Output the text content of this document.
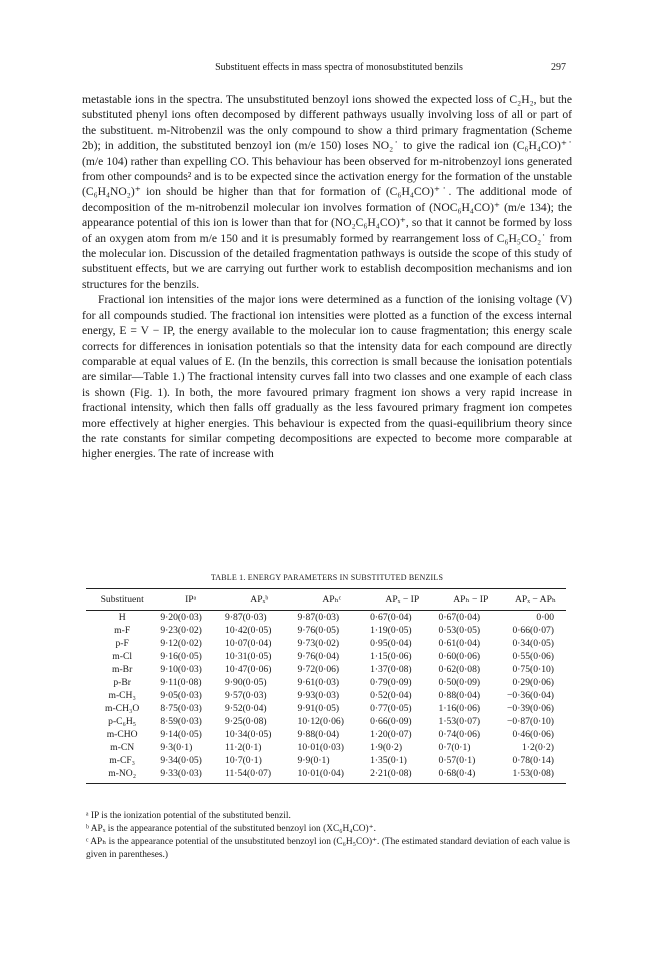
Substituent effects in mass spectra of monosubstituted benzils	297

metastable ions in the spectra. The unsubstituted benzoyl ions showed the expected loss of C₂H₂, but the substituted phenyl ions often decomposed by different pathways usually involving loss of all or part of the substituent. m-Nitrobenzil was the only compound to show a third primary fragmentation (Scheme 2b); in addition, the substituted benzoyl ion (m/e 150) loses NO₂˙ to give the radical ion (C₆H₄CO)⁺˙ (m/e 104) rather than expelling CO. This behaviour has been observed for m-nitrobenzoyl ions generated from other compounds² and is to be expected since the activation energy for the formation of the unstable (C₆H₄NO₂)⁺ ion should be higher than that for formation of (C₆H₄CO)⁺˙. The additional mode of decomposition of the m-nitrobenzil molecular ion involves formation of (NOC₆H₄CO)⁺ (m/e 134); the appearance potential of this ion is lower than that for (NO₂C₆H₄CO)⁺, so that it cannot be formed by loss of an oxygen atom from m/e 150 and it is presumably formed by rearrangement loss of C₆H₅CO₂˙ from the molecular ion. Discussion of the detailed fragmentation pathways is outside the scope of this study of substituent effects, but we are carrying out further work to establish decomposition mechanisms and ion structures for the benzils.

Fractional ion intensities of the major ions were determined as a function of the ionising voltage (V) for all compounds studied. The fractional ion intensities were plotted as a function of the excess internal energy, E = V − IP, the energy available to the molecular ion to cause fragmentation; this energy scale corrects for differences in ionisation potentials so that the intensity data for each compound are directly comparable at equal values of E. (In the benzils, this correction is small because the ionisation potentials are similar—Table 1.) The fractional intensity curves fall into two classes and one example of each class is shown (Fig. 1). In both, the more favoured primary fragment ion shows a very rapid increase in fractional intensity, which then falls off gradually as the less favoured primary fragment ion competes more effectively at higher energies. This behaviour is expected from the quasi-equilibrium theory since the rate constants for similar competing decompositions are expected to become more comparable at higher energies. The rate of increase with

TABLE 1. ENERGY PARAMETERS IN SUBSTITUTED BENZILS
Substituent	IPᵃ	APₓᵇ	APₕᶜ	APₓ − IP	APₕ − IP	APₓ − APₕ
H	9·20(0·03)	9·87(0·03)	9·87(0·03)	0·67(0·04)	0·67(0·04)	0·00
m-F	9·23(0·02)	10·42(0·05)	9·76(0·05)	1·19(0·05)	0·53(0·05)	0·66(0·07)
p-F	9·12(0·02)	10·07(0·04)	9·73(0·02)	0·95(0·04)	0·61(0·04)	0·34(0·05)
m-Cl	9·16(0·05)	10·31(0·05)	9·76(0·04)	1·15(0·06)	0·60(0·06)	0·55(0·06)
m-Br	9·10(0·03)	10·47(0·06)	9·72(0·06)	1·37(0·08)	0·62(0·08)	0·75(0·10)
p-Br	9·11(0·08)	9·90(0·05)	9·61(0·03)	0·79(0·09)	0·50(0·09)	0·29(0·06)
m-CH₃	9·05(0·03)	9·57(0·03)	9·93(0·03)	0·52(0·04)	0·88(0·04)	−0·36(0·04)
m-CH₃O	8·75(0·03)	9·52(0·04)	9·91(0·05)	0·77(0·05)	1·16(0·06)	−0·39(0·06)
p-C₆H₅	8·59(0·03)	9·25(0·08)	10·12(0·06)	0·66(0·09)	1·53(0·07)	−0·87(0·10)
m-CHO	9·14(0·05)	10·34(0·05)	9·88(0·04)	1·20(0·07)	0·74(0·06)	0·46(0·06)
m-CN	9·3(0·1)	11·2(0·1)	10·01(0·03)	1·9(0·2)	0·7(0·1)	1·2(0·2)
m-CF₃	9·34(0·05)	10·7(0·1)	9·9(0·1)	1·35(0·1)	0·57(0·1)	0·78(0·14)
m-NO₂	9·33(0·03)	11·54(0·07)	10·01(0·04)	2·21(0·08)	0·68(0·4)	1·53(0·08)
ᵃ IP is the ionization potential of the substituted benzil.
ᵇ APₓ is the appearance potential of the substituted benzoyl ion (XC₆H₄CO)⁺.
ᶜ APₕ is the appearance potential of the unsubstituted benzoyl ion (C₆H₅CO)⁺. (The estimated standard deviation of each value is given in parentheses.)
